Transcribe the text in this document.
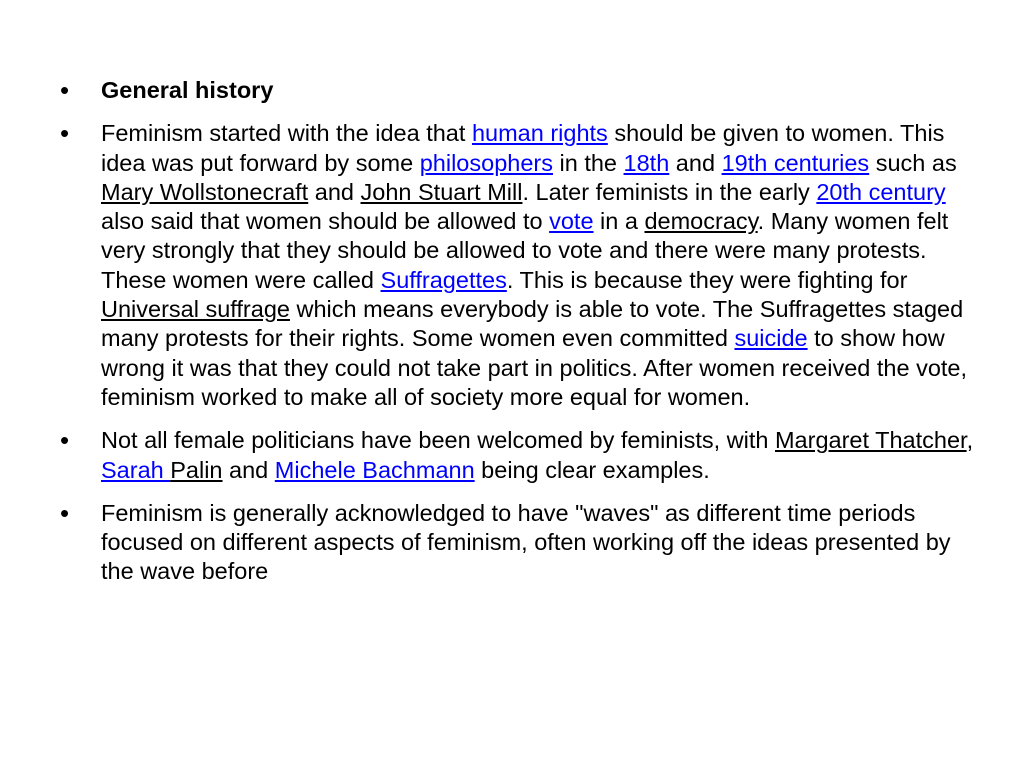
• General history
• Feminism started with the idea that human rights should be given to women. This idea was put forward by some philosophers in the 18th and 19th centuries such as Mary Wollstonecraft and John Stuart Mill. Later feminists in the early 20th century also said that women should be allowed to vote in a democracy. Many women felt very strongly that they should be allowed to vote and there were many protests. These women were called Suffragettes. This is because they were fighting for Universal suffrage which means everybody is able to vote. The Suffragettes staged many protests for their rights. Some women even committed suicide to show how wrong it was that they could not take part in politics. After women received the vote, feminism worked to make all of society more equal for women.
• Not all female politicians have been welcomed by feminists, with Margaret Thatcher, Sarah Palin and Michele Bachmann being clear examples.
• Feminism is generally acknowledged to have "waves" as different time periods focused on different aspects of feminism, often working off the ideas presented by the wave before
